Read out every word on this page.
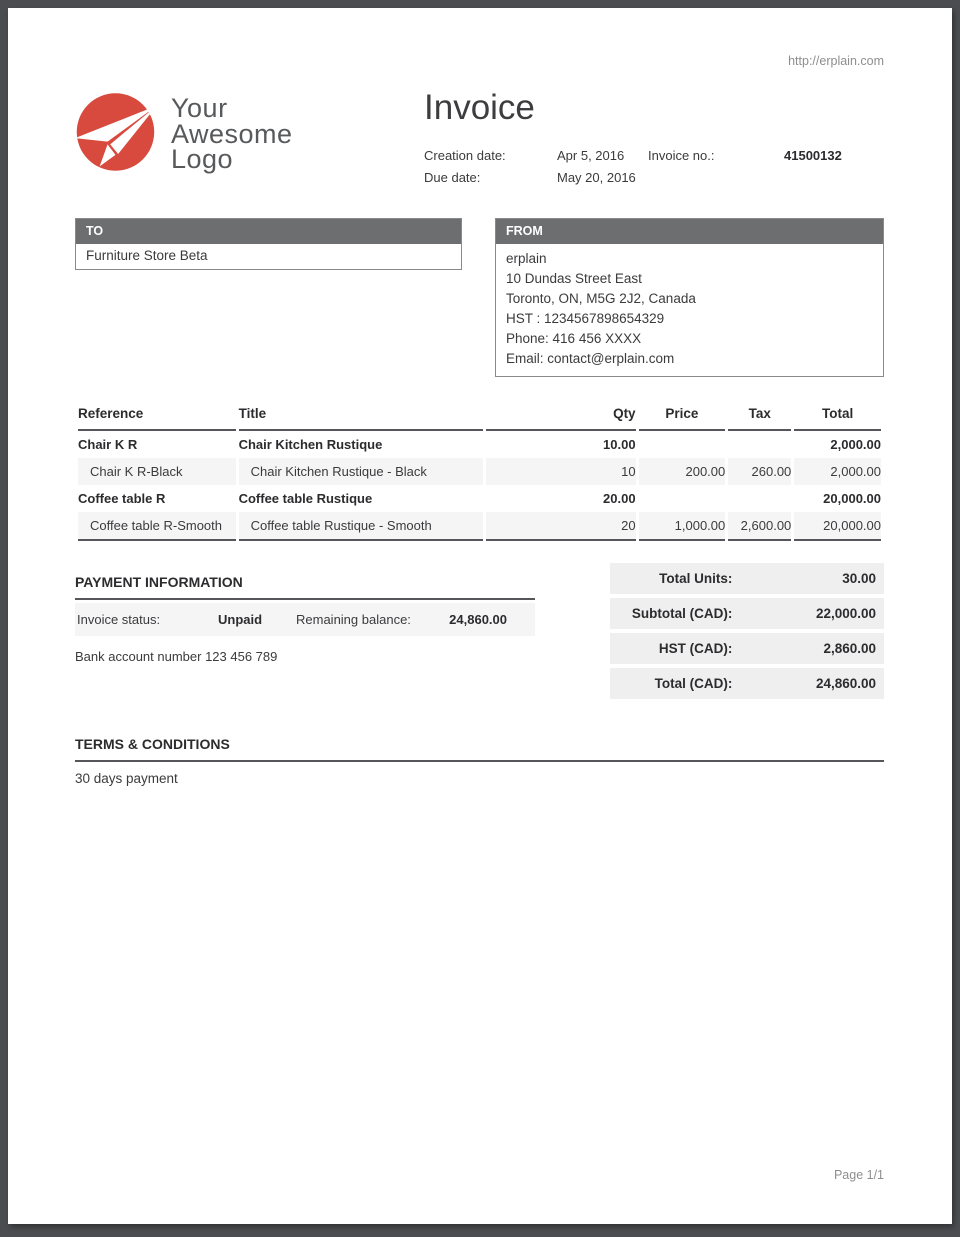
http://erplain.com
Your
Awesome
Logo
Invoice
Creation date:	Apr 5, 2016	Invoice no.:	41500132
Due date:	May 20, 2016
TO
Furniture Store Beta
FROM
erplain
10 Dundas Street East
Toronto, ON, M5G 2J2, Canada
HST : 1234567898654329
Phone: 416 456 XXXX
Email: contact@erplain.com
Reference	Title	Qty	Price	Tax	Total
Chair K R	Chair Kitchen Rustique	10.00			2,000.00
Chair K R-Black	Chair Kitchen Rustique - Black	10	200.00	260.00	2,000.00
Coffee table R	Coffee table Rustique	20.00			20,000.00
Coffee table R-Smooth	Coffee table Rustique - Smooth	20	1,000.00	2,600.00	20,000.00
PAYMENT INFORMATION
Invoice status:	Unpaid	Remaining balance:	24,860.00
Bank account number 123 456 789
Total Units:	30.00
Subtotal (CAD):	22,000.00
HST (CAD):	2,860.00
Total (CAD):	24,860.00
TERMS & CONDITIONS
30 days payment
Page 1/1
